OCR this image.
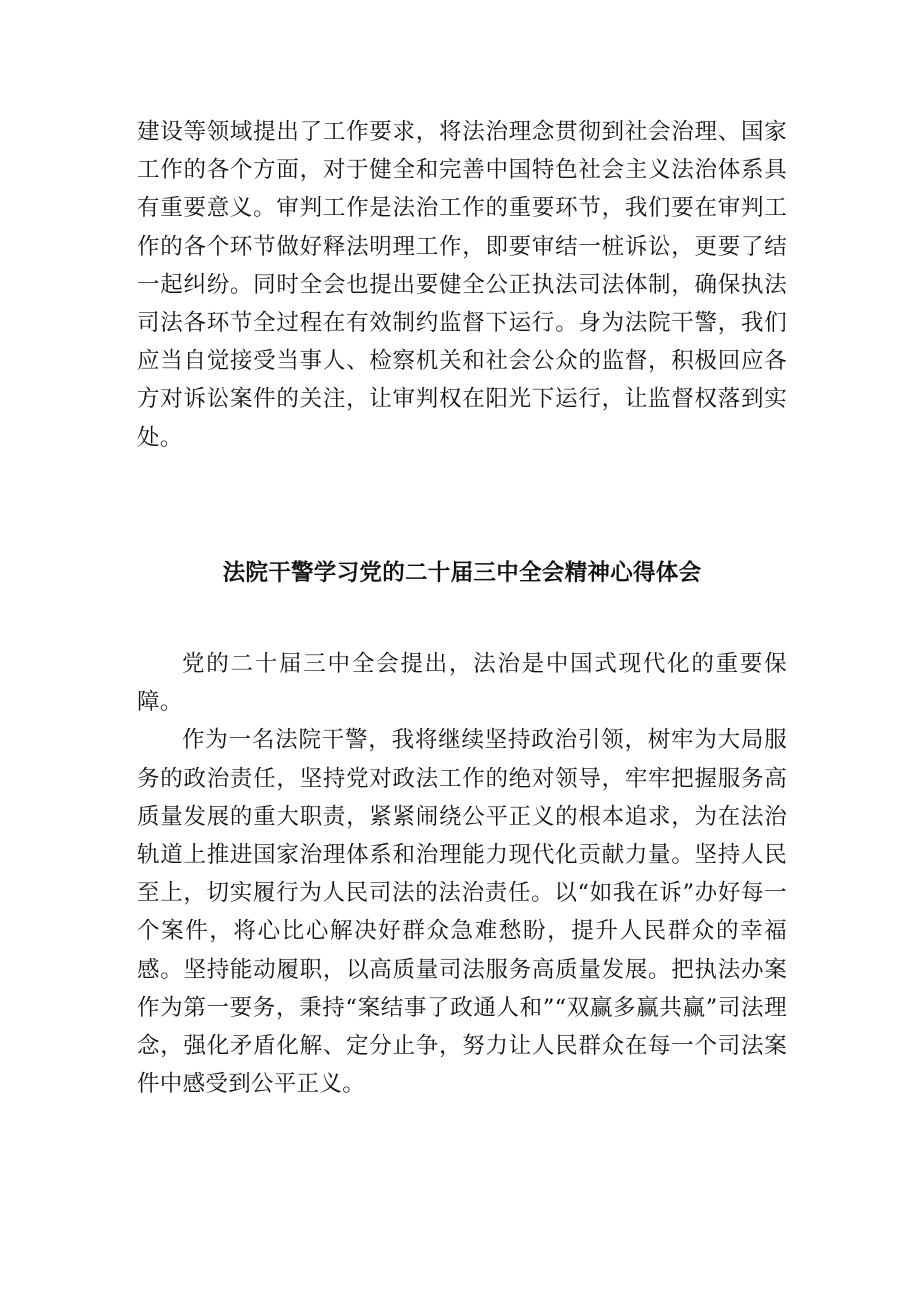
建设等领域提出了工作要求，将法治理念贯彻到社会治理、国家工作的各个方面，对于健全和完善中国特色社会主义法治体系具有重要意义。审判工作是法治工作的重要环节，我们要在审判工作的各个环节做好释法明理工作，即要审结一桩诉讼，更要了结一起纠纷。同时全会也提出要健全公正执法司法体制，确保执法司法各环节全过程在有效制约监督下运行。身为法院干警，我们应当自觉接受当事人、检察机关和社会公众的监督，积极回应各方对诉讼案件的关注，让审判权在阳光下运行，让监督权落到实处。

法院干警学习党的二十届三中全会精神心得体会

党的二十届三中全会提出，法治是中国式现代化的重要保障。

作为一名法院干警，我将继续坚持政治引领，树牢为大局服务的政治责任，坚持党对政法工作的绝对领导，牢牢把握服务高质量发展的重大职责，紧紧闹绕公平正义的根本追求，为在法治轨道上推进国家治理体系和治理能力现代化贡献力量。坚持人民至上，切实履行为人民司法的法治责任。以“如我在诉”办好每一个案件，将心比心解决好群众急难愁盼，提升人民群众的幸福感。坚持能动履职，以高质量司法服务高质量发展。把执法办案作为第一要务，秉持“案结事了政通人和”“双赢多赢共赢”司法理念，强化矛盾化解、定分止争，努力让人民群众在每一个司法案件中感受到公平正义。
